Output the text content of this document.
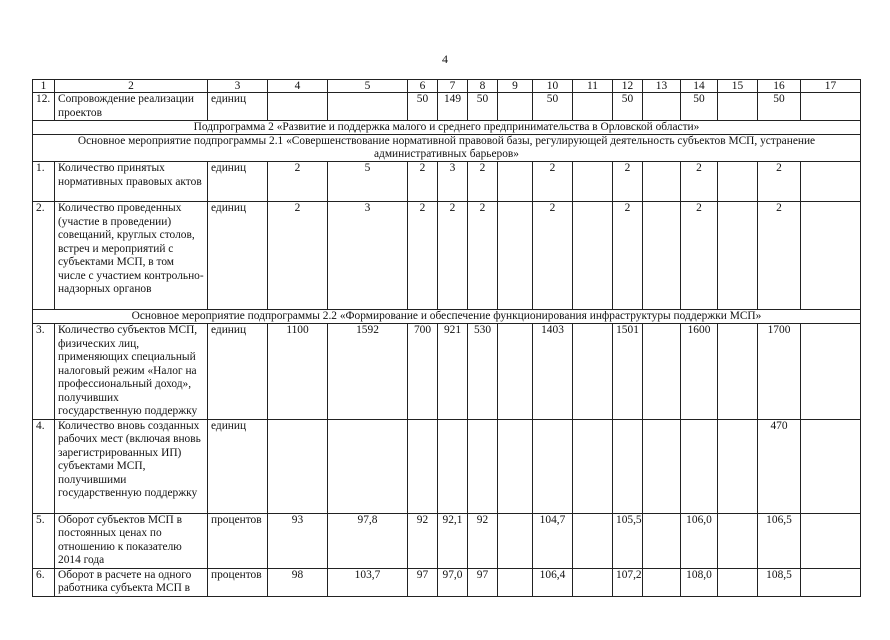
4
1	2	3	4	5	6	7	8	9	10	11	12	13	14	15	16	17
12.	Сопровождение реализации проектов	единиц			50	149	50		50		50		50		50	
Подпрограмма 2 «Развитие и поддержка малого и среднего предпринимательства в Орловской области»																
Основное мероприятие подпрограммы 2.1 «Совершенствование нормативной правовой базы, регулирующей деятельность субъектов МСП, устранение административных барьеров»																
1.	Количество принятых нормативных правовых актов	единиц	2	5	2	3	2		2		2		2		2	
2.	Количество проведенных (участие в проведении) совещаний, круглых столов, встреч и мероприятий с субъектами МСП, в том числе с участием контрольно-надзорных органов	единиц	2	3	2	2	2		2		2		2		2	
Основное мероприятие подпрограммы 2.2 «Формирование и обеспечение функционирования инфраструктуры поддержки МСП»																
3.	Количество субъектов МСП, физических лиц, применяющих специальный налоговый режим «Налог на профессиональный доход», получивших государственную поддержку	единиц	1100	1592	700	921	530		1403		1501		1600		1700	
4.	Количество вновь созданных рабочих мест (включая вновь зарегистрированных ИП) субъектами МСП, получившими государственную поддержку	единиц													470	
5.	Оборот субъектов МСП в постоянных ценах по отношению к показателю 2014 года	процентов	93	97,8	92	92,1	92		104,7		105,5		106,0		106,5	
6.	Оборот в расчете на одного работника субъекта МСП в	процентов	98	103,7	97	97,0	97		106,4		107,2		108,0		108,5	
